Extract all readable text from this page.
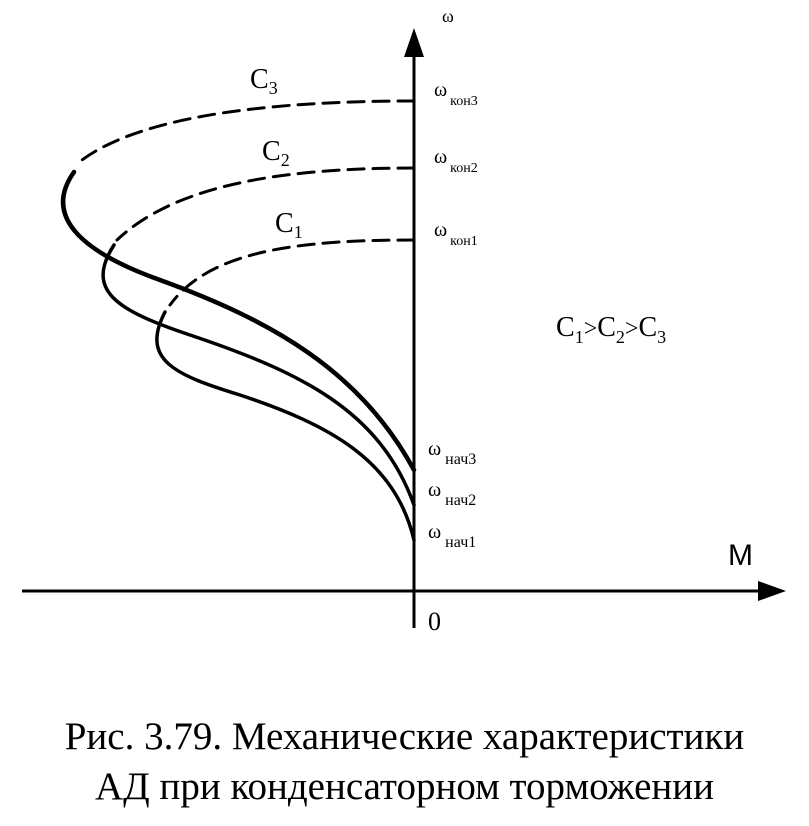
ω
M
0
$C_3$
$C_2$
$C_1$
$\omega_{кон3}$
$\omega_{кон2}$
$\omega_{кон1}$
ω $_{нач3}$
ω $_{нач2}$
ω $_{нач1}$
$C_1>C_2>C_3$
Рис. 3.79. Механические характеристики
АД при конденсаторном торможении
